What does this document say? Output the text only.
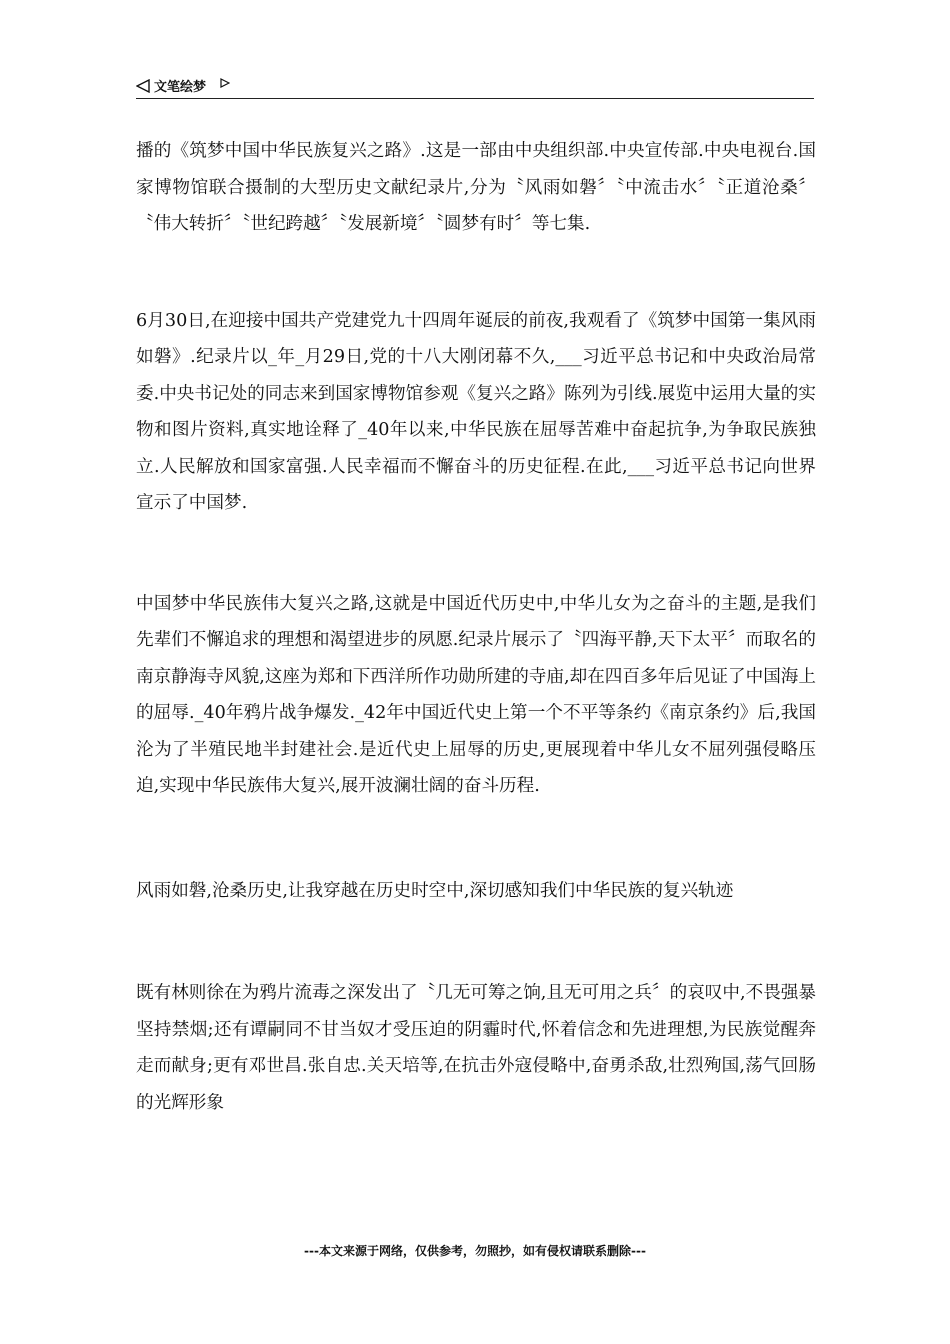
文笔绘梦

播的《筑梦中国中华民族复兴之路》.这是一部由中央组织部.中央宣传部.中央电视台.国家博物馆联合摄制的大型历史文献纪录片,分为〝风雨如磐〞〝中流击水〞〝正道沧桑〞〝伟大转折〞〝世纪跨越〞〝发展新境〞〝圆梦有时〞等七集.

6月30日,在迎接中国共产党建党九十四周年诞辰的前夜,我观看了《筑梦中国第一集风雨如磐》.纪录片以_年_月29日,党的十八大刚闭幕不久,___习近平总书记和中央政治局常委.中央书记处的同志来到国家博物馆参观《复兴之路》陈列为引线.展览中运用大量的实物和图片资料,真实地诠释了_40年以来,中华民族在屈辱苦难中奋起抗争,为争取民族独立.人民解放和国家富强.人民幸福而不懈奋斗的历史征程.在此,___习近平总书记向世界宣示了中国梦.

中国梦中华民族伟大复兴之路,这就是中国近代历史中,中华儿女为之奋斗的主题,是我们先辈们不懈追求的理想和渴望进步的夙愿.纪录片展示了〝四海平静,天下太平〞而取名的南京静海寺风貌,这座为郑和下西洋所作功勋所建的寺庙,却在四百多年后见证了中国海上的屈辱._40年鸦片战争爆发._42年中国近代史上第一个不平等条约《南京条约》后,我国沦为了半殖民地半封建社会.是近代史上屈辱的历史,更展现着中华儿女不屈列强侵略压迫,实现中华民族伟大复兴,展开波澜壮阔的奋斗历程.

风雨如磐,沧桑历史,让我穿越在历史时空中,深切感知我们中华民族的复兴轨迹

既有林则徐在为鸦片流毒之深发出了〝几无可筹之饷,且无可用之兵〞的哀叹中,不畏强暴坚持禁烟;还有谭嗣同不甘当奴才受压迫的阴霾时代,怀着信念和先进理想,为民族觉醒奔走而献身;更有邓世昌.张自忠.关天培等,在抗击外寇侵略中,奋勇杀敌,壮烈殉国,荡气回肠的光辉形象

---本文来源于网络，仅供参考，勿照抄，如有侵权请联系删除---
